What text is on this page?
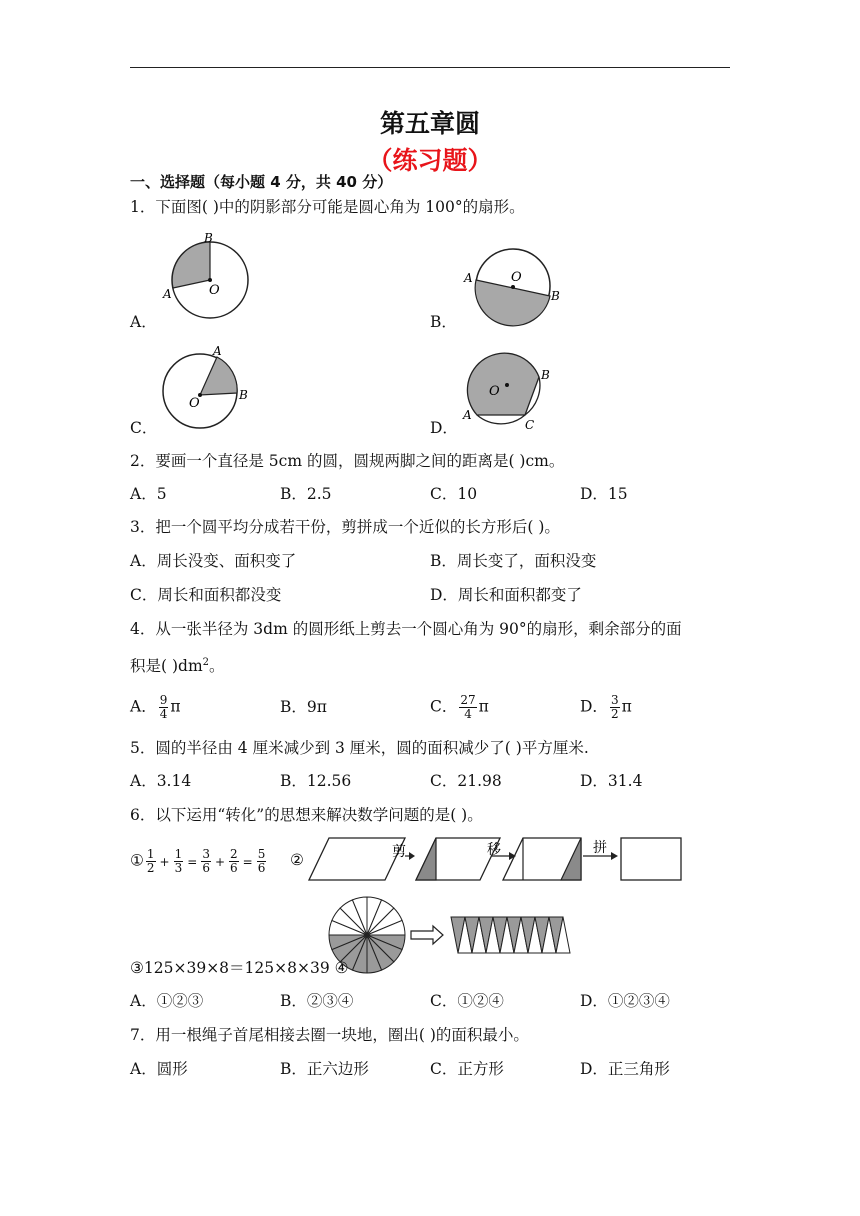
第五章圆
（练习题）
一、选择题（每小题 4 分，共 40 分）
1．下面图( )中的阴影部分可能是圆心角为 100°的扇形。
B
A	O
A．
A
B
O
B．
A
B
O
C．
O
B
A
C
D．
2．要画一个直径是 5cm 的圆，圆规两脚之间的距离是( )cm。
A．5	B．2.5	C．10	D．15
3．把一个圆平均分成若干份，剪拼成一个近似的长方形后( )。
A．周长没变、面积变了	B．周长变了，面积没变
C．周长和面积都没变	D．周长和面积都变了
4．从一张半径为 3dm 的圆形纸上剪去一个圆心角为 90°的扇形，剩余部分的面
积是( )$dm^2$。
A． $\frac{9}{4}$ π	B．9π	C． $\frac{27}{4}$ π	D． $\frac{3}{2}$ π
5．圆的半径由 4 厘米减少到 3 厘米，圆的面积减少了( )平方厘米.
A．3.14	B．12.56	C．21.98	D．31.4
6．以下运用“转化”的思想来解决数学问题的是( )。
① $\frac{1}{2} + \frac{1}{3} = \frac{3}{6} + \frac{2}{6} = \frac{5}{6}$ ②	剪	移	拼
③125×39×8＝125×8×39 ④
A．①②③	B．②③④	C．①②④	D．①②③④
7．用一根绳子首尾相接去圈一块地，圈出( )的面积最小。
A．圆形	B．正六边形	C．正方形	D．正三角形
